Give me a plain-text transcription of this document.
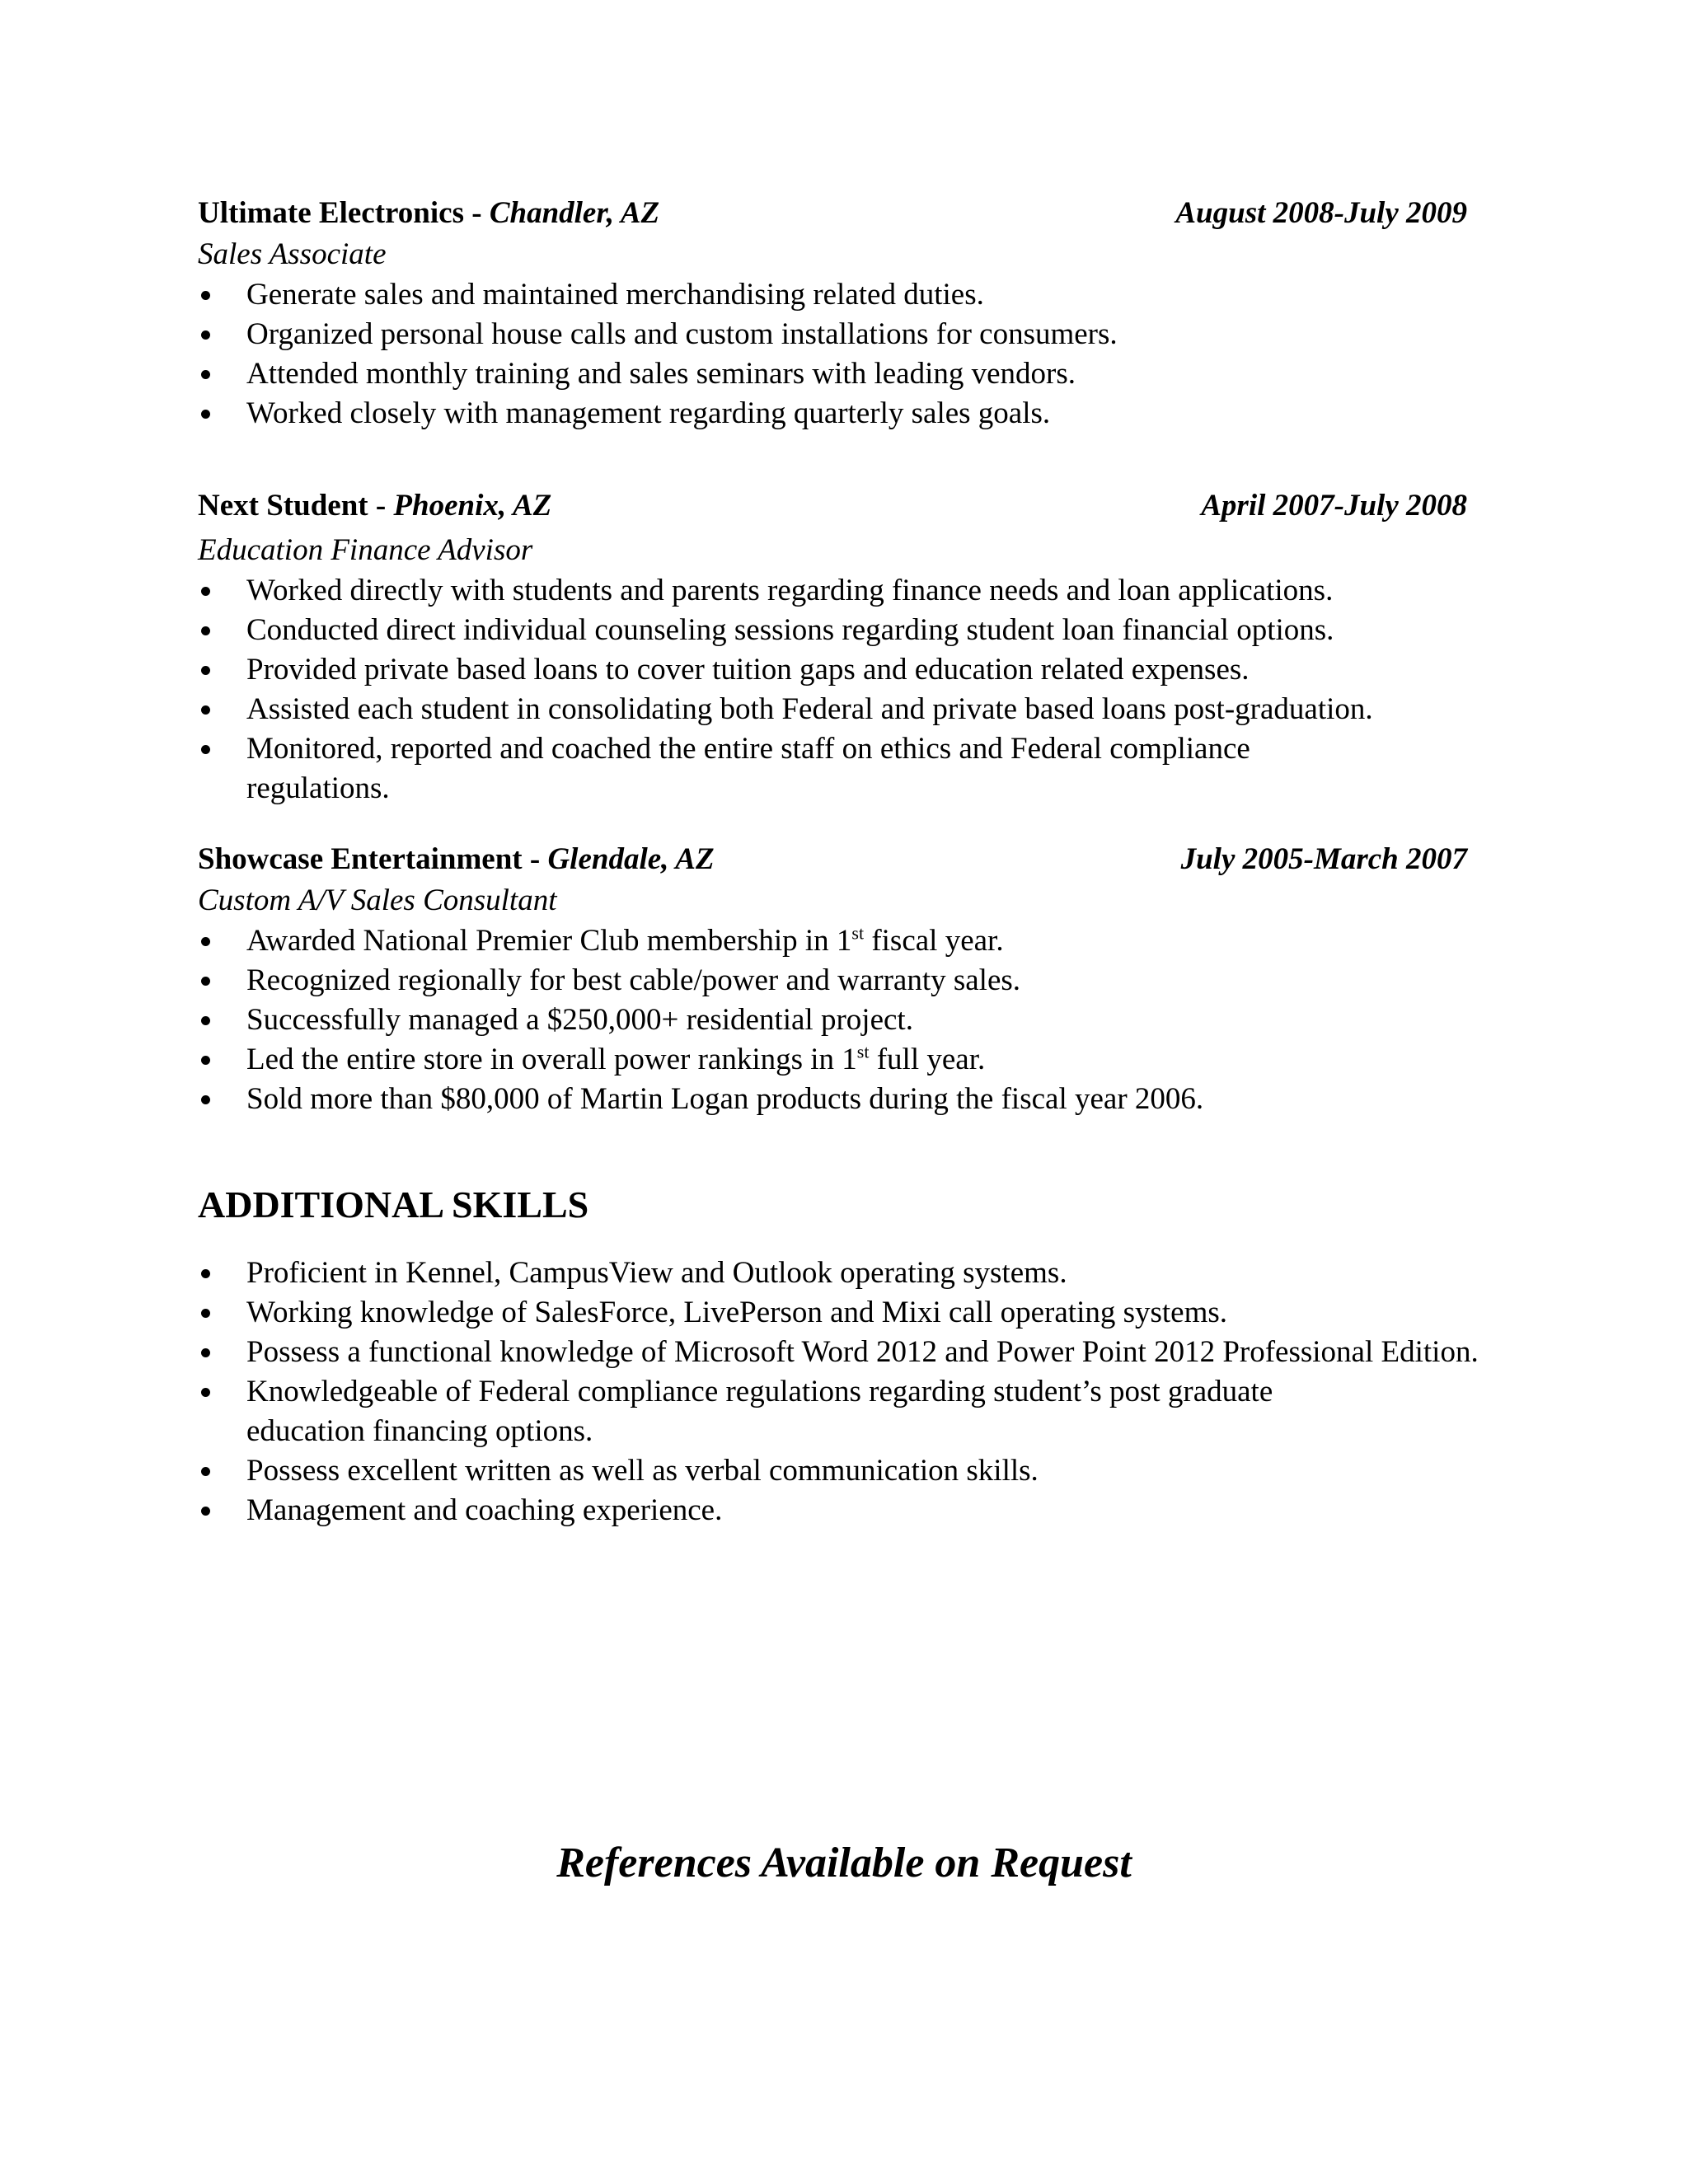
Ultimate Electronics - Chandler, AZ	August 2008-July 2009
Sales Associate
Generate sales and maintained merchandising related duties.
Organized personal house calls and custom installations for consumers.
Attended monthly training and sales seminars with leading vendors.
Worked closely with management regarding quarterly sales goals.
Next Student - Phoenix, AZ	April 2007-July 2008
Education Finance Advisor
Worked directly with students and parents regarding finance needs and loan applications.
Conducted direct individual counseling sessions regarding student loan financial options.
Provided private based loans to cover tuition gaps and education related expenses.
Assisted each student in consolidating both Federal and private based loans post-graduation.
Monitored, reported and coached the entire staff on ethics and Federal compliance regulations.
Showcase Entertainment - Glendale, AZ	July 2005-March 2007
Custom A/V Sales Consultant
Awarded National Premier Club membership in 1st fiscal year.
Recognized regionally for best cable/power and warranty sales.
Successfully managed a $250,000+ residential project.
Led the entire store in overall power rankings in 1st full year.
Sold more than $80,000 of Martin Logan products during the fiscal year 2006.
ADDITIONAL SKILLS
Proficient in Kennel, CampusView and Outlook operating systems.
Working knowledge of SalesForce, LivePerson and Mixi call operating systems.
Possess a functional knowledge of Microsoft Word 2012 and Power Point 2012 Professional Edition.
Knowledgeable of Federal compliance regulations regarding student’s post graduate education financing options.
Possess excellent written as well as verbal communication skills.
Management and coaching experience.
References Available on Request
